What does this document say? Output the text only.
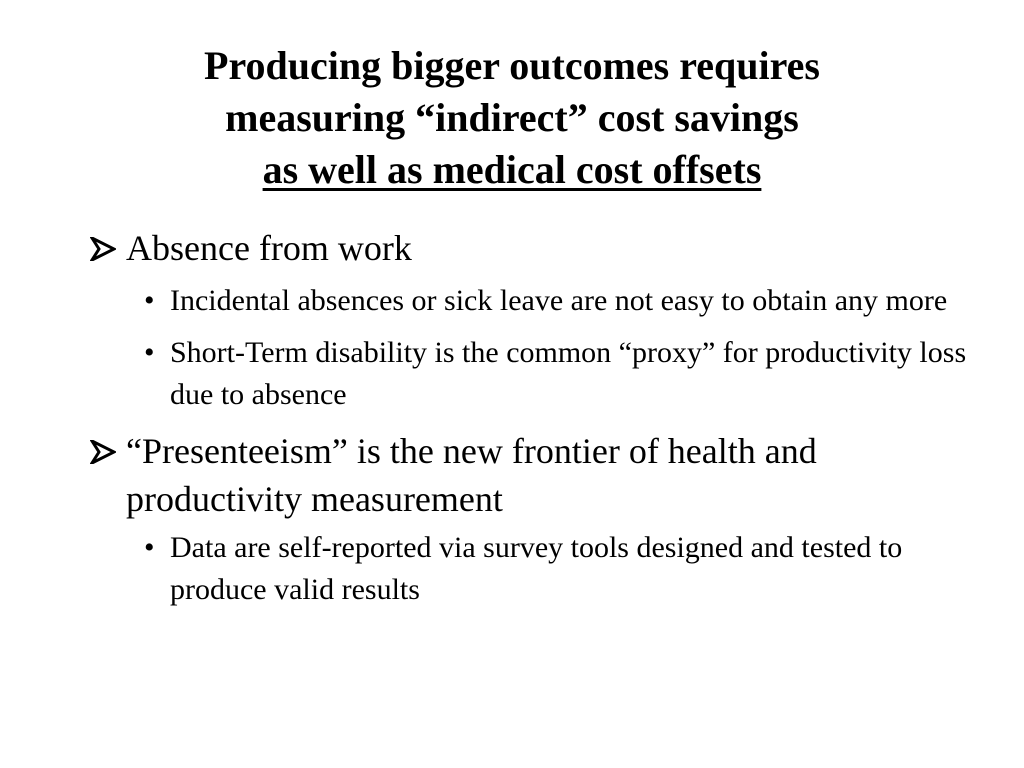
Producing bigger outcomes requires
measuring “indirect” cost savings
as well as medical cost offsets
Absence from work
• Incidental absences or sick leave are not easy to obtain any more
• Short-Term disability is the common “proxy” for productivity loss due to absence
“Presenteeism” is the new frontier of health and productivity measurement
• Data are self-reported via survey tools designed and tested to produce valid results
